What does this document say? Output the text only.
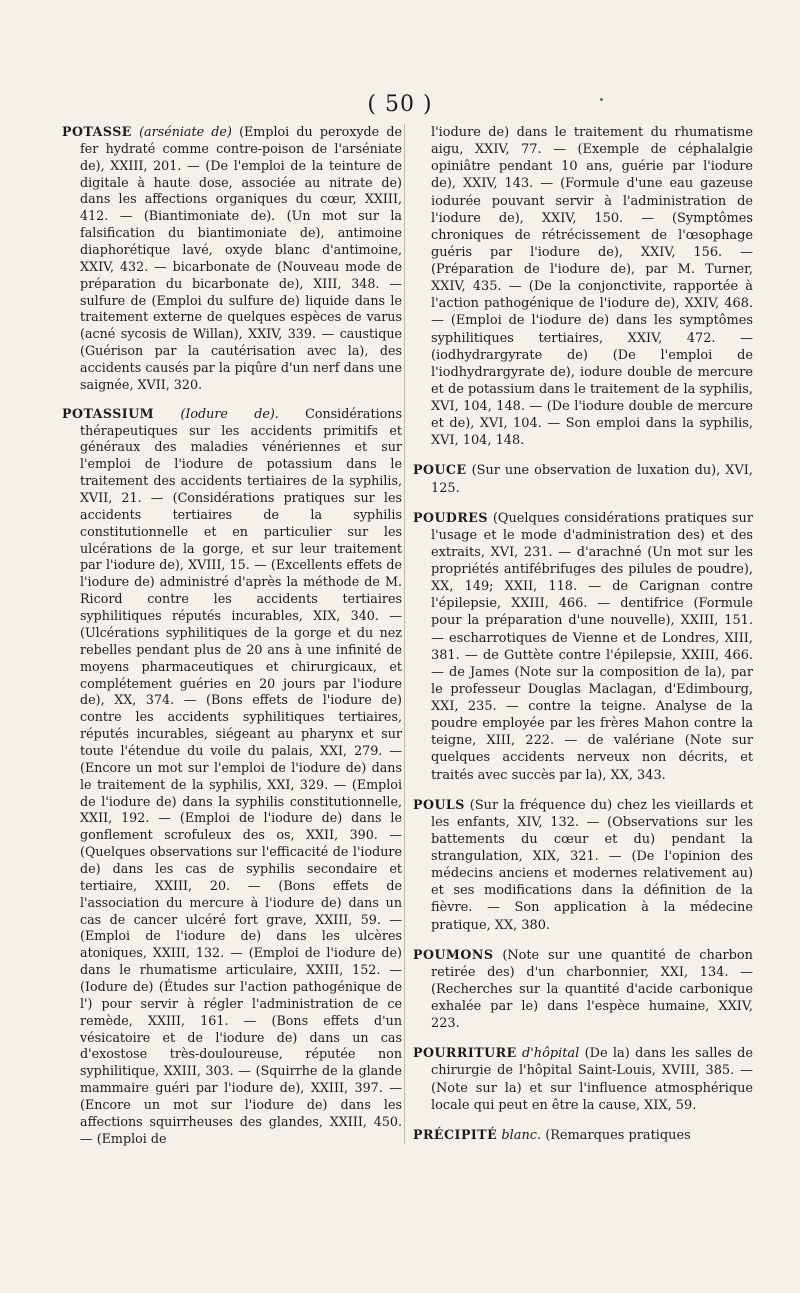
( 50 )

POTASSE (arséniate de) (Emploi du peroxyde de fer hydraté comme contre-poison de l'arséniate de), XXIII, 201. — (De l'emploi de la teinture de digitale à haute dose, associée au nitrate de) dans les affections organiques du cœur, XXIII, 412. — (Biantimoniate de). (Un mot sur la falsification du biantimoniate de), antimoine diaphorétique lavé, oxyde blanc d'antimoine, XXIV, 432. — bicarbonate de (Nouveau mode de préparation du bicarbonate de), XIII, 348. — sulfure de (Emploi du sulfure de) liquide dans le traitement externe de quelques espèces de varus (acné sycosis de Willan), XXIV, 339. — caustique (Guérison par la cautérisation avec la), des accidents causés par la piqûre d'un nerf dans une saignée, XVII, 320.

POTASSIUM (Iodure de). Considérations thérapeutiques sur les accidents primitifs et généraux des maladies vénériennes et sur l'emploi de l'iodure de potassium dans le traitement des accidents tertiaires de la syphilis, XVII, 21. — (Considérations pratiques sur les accidents tertiaires de la syphilis constitutionnelle et en particulier sur les ulcérations de la gorge, et sur leur traitement par l'iodure de), XVIII, 15. — (Excellents effets de l'iodure de) administré d'après la méthode de M. Ricord contre les accidents tertiaires syphilitiques réputés incurables, XIX, 340. — (Ulcérations syphilitiques de la gorge et du nez rebelles pendant plus de 20 ans à une infinité de moyens pharmaceutiques et chirurgicaux, et complétement guéries en 20 jours par l'iodure de), XX, 374. — (Bons effets de l'iodure de) contre les accidents syphilitiques tertiaires, réputés incurables, siégeant au pharynx et sur toute l'étendue du voile du palais, XXI, 279. — (Encore un mot sur l'emploi de l'iodure de) dans le traitement de la syphilis, XXI, 329. — (Emploi de l'iodure de) dans la syphilis constitutionnelle, XXII, 192. — (Emploi de l'iodure de) dans le gonflement scrofuleux des os, XXII, 390. — (Quelques observations sur l'efficacité de l'iodure de) dans les cas de syphilis secondaire et tertiaire, XXIII, 20. — (Bons effets de l'association du mercure à l'iodure de) dans un cas de cancer ulcéré fort grave, XXIII, 59. — (Emploi de l'iodure de) dans les ulcères atoniques, XXIII, 132. — (Emploi de l'iodure de) dans le rhumatisme articulaire, XXIII, 152. — (Iodure de) (Études sur l'action pathogénique de l') pour servir à régler l'administration de ce remède, XXIII, 161. — (Bons effets d'un vésicatoire et de l'iodure de) dans un cas d'exostose très-douloureuse, réputée non syphilitique, XXIII, 303. — (Squirrhe de la glande mammaire guéri par l'iodure de), XXIII, 397. — (Encore un mot sur l'iodure de) dans les affections squirrheuses des glandes, XXIII, 450. — (Emploi de

l'iodure de) dans le traitement du rhumatisme aigu, XXIV, 77. — (Exemple de céphalalgie opiniâtre pendant 10 ans, guérie par l'iodure de), XXIV, 143. — (Formule d'une eau gazeuse iodurée pouvant servir à l'administration de l'iodure de), XXIV, 150. — (Symptômes chroniques de rétrécissement de l'œsophage guéris par l'iodure de), XXIV, 156. — (Préparation de l'iodure de), par M. Turner, XXIV, 435. — (De la conjonctivite, rapportée à l'action pathogénique de l'iodure de), XXIV, 468. — (Emploi de l'iodure de) dans les symptômes syphilitiques tertiaires, XXIV, 472. — (iodhydrargyrate de) (De l'emploi de l'iodhydrargyrate de), iodure double de mercure et de potassium dans le traitement de la syphilis, XVI, 104, 148. — (De l'iodure double de mercure et de), XVI, 104. — Son emploi dans la syphilis, XVI, 104, 148.

POUCE (Sur une observation de luxation du), XVI, 125.

POUDRES (Quelques considérations pratiques sur l'usage et le mode d'administration des) et des extraits, XVI, 231. — d'arachné (Un mot sur les propriétés antifébrifuges des pilules de poudre), XX, 149; XXII, 118. — de Carignan contre l'épilepsie, XXIII, 466. — dentifrice (Formule pour la préparation d'une nouvelle), XXIII, 151. — escharrotiques de Vienne et de Londres, XIII, 381. — de Guttète contre l'épilepsie, XXIII, 466. — de James (Note sur la composition de la), par le professeur Douglas Maclagan, d'Edimbourg, XXI, 235. — contre la teigne. Analyse de la poudre employée par les frères Mahon contre la teigne, XIII, 222. — de valériane (Note sur quelques accidents nerveux non décrits, et traités avec succès par la), XX, 343.

POULS (Sur la fréquence du) chez les vieillards et les enfants, XIV, 132. — (Observations sur les battements du cœur et du) pendant la strangulation, XIX, 321. — (De l'opinion des médecins anciens et modernes relativement au) et ses modifications dans la définition de la fièvre. — Son application à la médecine pratique, XX, 380.

POUMONS (Note sur une quantité de charbon retirée des) d'un charbonnier, XXI, 134. — (Recherches sur la quantité d'acide carbonique exhalée par le) dans l'espèce humaine, XXIV, 223.

POURRITURE d'hôpital (De la) dans les salles de chirurgie de l'hôpital Saint-Louis, XVIII, 385. — (Note sur la) et sur l'influence atmosphérique locale qui peut en être la cause, XIX, 59.

PRÉCIPITÉ blanc. (Remarques pratiques
